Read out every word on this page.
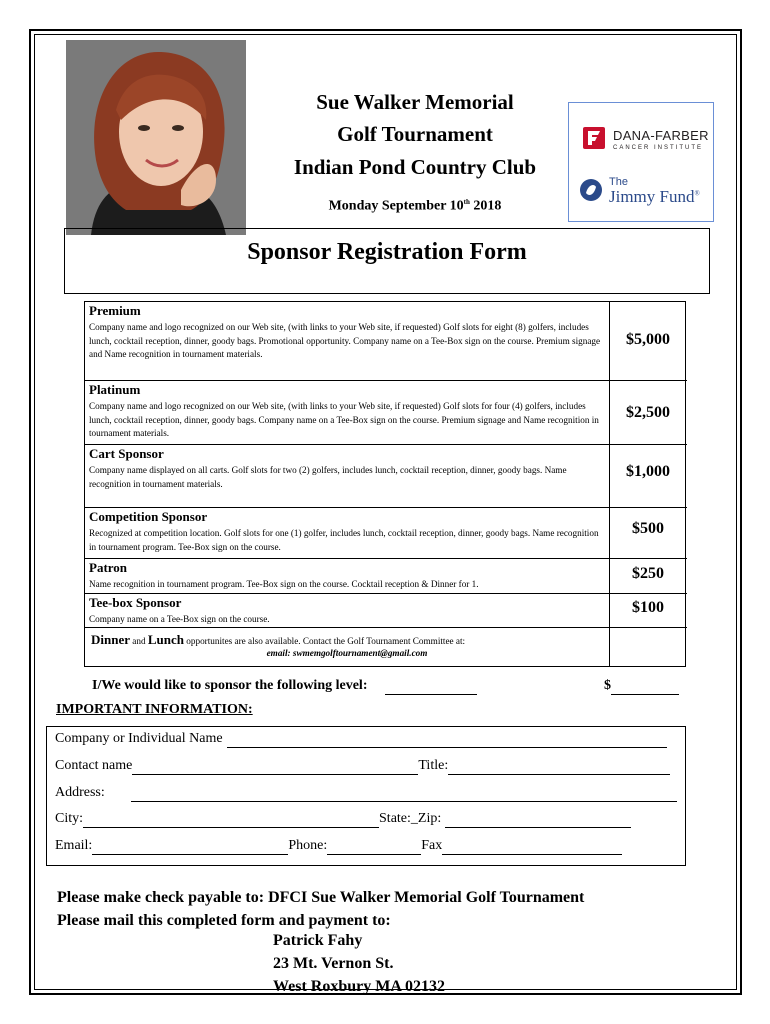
Sue Walker Memorial
Golf Tournament
Indian Pond Country Club
Monday September 10th 2018
DANA-FARBER
CANCER INSTITUTE
The
Jimmy Fund®
Sponsor Registration Form
Premium
Company name and logo recognized on our Web site, (with links to your Web site, if requested) Golf slots for eight (8) golfers, includes lunch, cocktail reception, dinner, goody bags. Promotional opportunity. Company name on a Tee-Box sign on the course. Premium signage and Name recognition in tournament materials.
$5,000
Platinum
Company name and logo recognized on our Web site, (with links to your Web site, if requested) Golf slots for four (4) golfers, includes lunch, cocktail reception, dinner, goody bags. Company name on a Tee-Box sign on the course. Premium signage and Name recognition in tournament materials.
$2,500
Cart Sponsor
Company name displayed on all carts. Golf slots for two (2) golfers, includes lunch, cocktail reception, dinner, goody bags. Name recognition in tournament materials.
$1,000
Competition Sponsor
Recognized at competition location. Golf slots for one (1) golfer, includes lunch, cocktail reception, dinner, goody bags. Name recognition in tournament program. Tee-Box sign on the course.
$500
Patron
Name recognition in tournament program. Tee-Box sign on the course. Cocktail reception & Dinner for 1.
$250
Tee-box Sponsor
Company name on a Tee-Box sign on the course.
$100
Dinner and Lunch opportunites are also available. Contact the Golf Tournament Committee at:
email: swmemgolftournament@gmail.com
I/We would like to sponsor the following level:	$
IMPORTANT INFORMATION:
Company or Individual Name
Contact name	Title:
Address:
City:	State:_Zip:
Email:	Phone:	Fax
Please make check payable to: DFCI Sue Walker Memorial Golf Tournament
Please mail this completed form and payment to:
Patrick Fahy
23 Mt. Vernon St.
West Roxbury MA 02132
